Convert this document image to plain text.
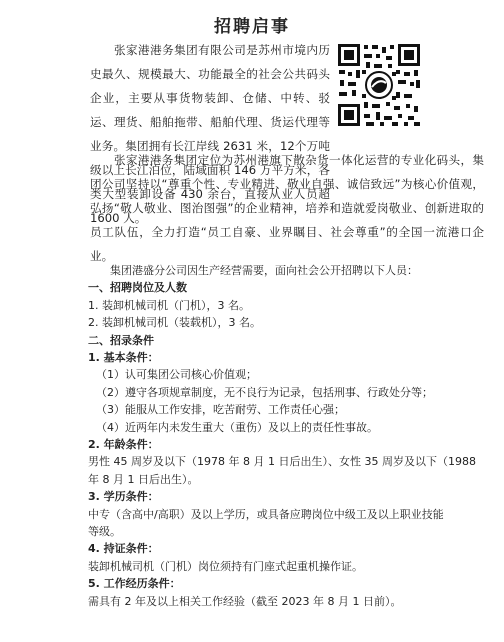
招聘启事

张家港港务集团有限公司是苏州市境内历史最久、规模最大、功能最全的社会公共码头企业，主要从事货物装卸、仓储、中转、驳运、理货、船舶拖带、船舶代理、货运代理等业务。集团拥有长江岸线 2631 米，12个万吨级以上长江泊位，陆域面积 146 万平方米，各类大型装卸设备 430 余台，直接从业人员超 1600 人。

张家港港务集团定位为苏州港旗下散杂货一体化运营的专业化码头，集团公司坚持以“尊重个性、专业精进、敬业自强、诚信致远”为核心价值观，弘扬“敬人敬业、图治图强”的企业精神，培养和造就爱岗敬业、创新进取的员工队伍，全力打造“员工自豪、业界瞩目、社会尊重”的全国一流港口企业。

集团港盛分公司因生产经营需要，面向社会公开招聘以下人员：
一、招聘岗位及人数
1. 装卸机械司机（门机），3 名。
2. 装卸机械司机（装载机），3 名。
二、招录条件
1. 基本条件：
（1）认可集团公司核心价值观；
（2）遵守各项规章制度，无不良行为记录，包括刑事、行政处分等；
（3）能服从工作安排，吃苦耐劳、工作责任心强；
（4）近两年内未发生重大（重伤）及以上的责任性事故。
2. 年龄条件：
男性 45 周岁及以下（1978 年 8 月 1 日后出生）、女性 35 周岁及以下（1988
年 8 月 1 日后出生）。
3. 学历条件：
中专（含高中/高职）及以上学历，或具备应聘岗位中级工及以上职业技能
等级。
4. 持证条件：
装卸机械司机（门机）岗位须持有门座式起重机操作证。
5. 工作经历条件：
需具有 2 年及以上相关工作经验（截至 2023 年 8 月 1 日前）。
